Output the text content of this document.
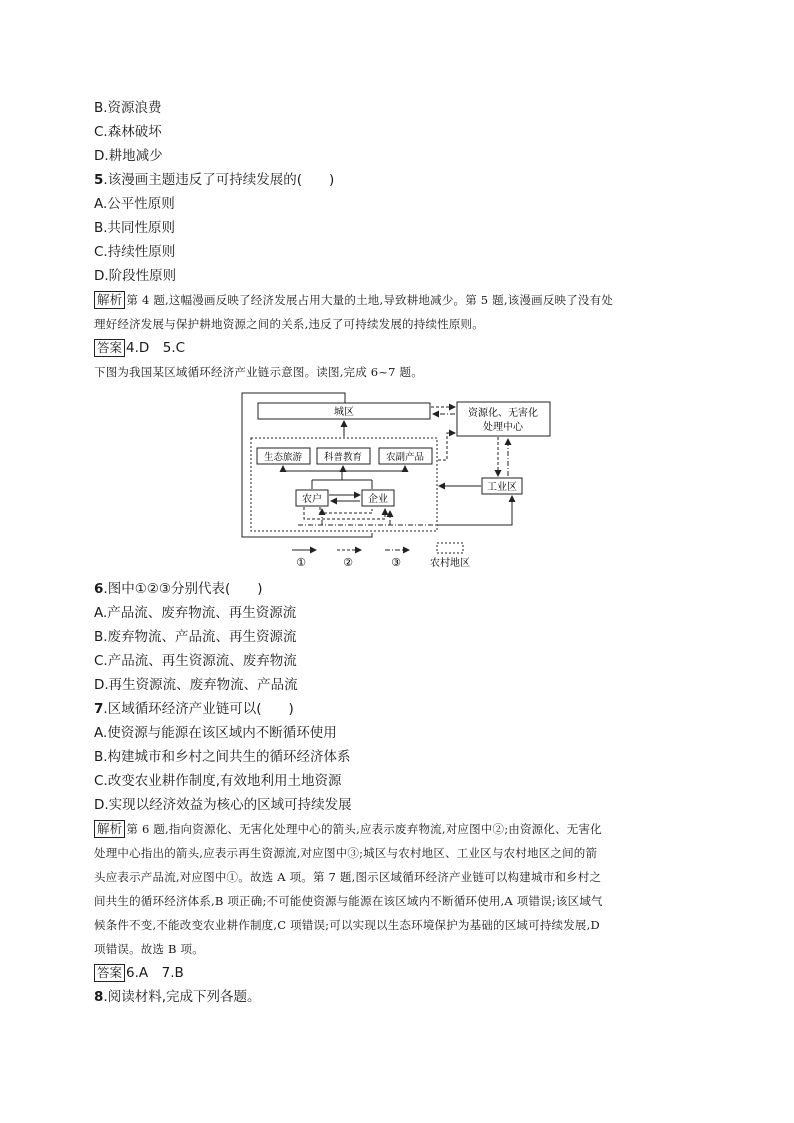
B.资源浪费
C.森林破坏
D.耕地减少
5.该漫画主题违反了可持续发展的(　　)
A.公平性原则
B.共同性原则
C.持续性原则
D.阶段性原则
解析 第 4 题,这幅漫画反映了经济发展占用大量的土地,导致耕地减少。第 5 题,该漫画反映了没有处
理好经济发展与保护耕地资源之间的关系,违反了可持续发展的持续性原则。
答案 4.D　5.C
下图为我国某区域循环经济产业链示意图。读图,完成 6~7 题。
城区	资源化、无害化
处理中心
生态旅游 科普教育	农副产品
农户	企业
工业区
①	②	③	农村地区
6.图中①②③分别代表(　　)
A.产品流、废弃物流、再生资源流
B.废弃物流、产品流、再生资源流
C.产品流、再生资源流、废弃物流
D.再生资源流、废弃物流、产品流
7.区域循环经济产业链可以(　　)
A.使资源与能源在该区域内不断循环使用
B.构建城市和乡村之间共生的循环经济体系
C.改变农业耕作制度,有效地利用土地资源
D.实现以经济效益为核心的区域可持续发展
解析 第 6 题,指向资源化、无害化处理中心的箭头,应表示废弃物流,对应图中②;由资源化、无害化
处理中心指出的箭头,应表示再生资源流,对应图中③;城区与农村地区、工业区与农村地区之间的箭
头应表示产品流,对应图中①。故选 A 项。第 7 题,图示区域循环经济产业链可以构建城市和乡村之
间共生的循环经济体系,B 项正确;不可能使资源与能源在该区域内不断循环使用,A 项错误;该区域气
候条件不变,不能改变农业耕作制度,C 项错误;可以实现以生态环境保护为基础的区域可持续发展,D
项错误。故选 B 项。
答案 6.A　7.B
8.阅读材料,完成下列各题。
